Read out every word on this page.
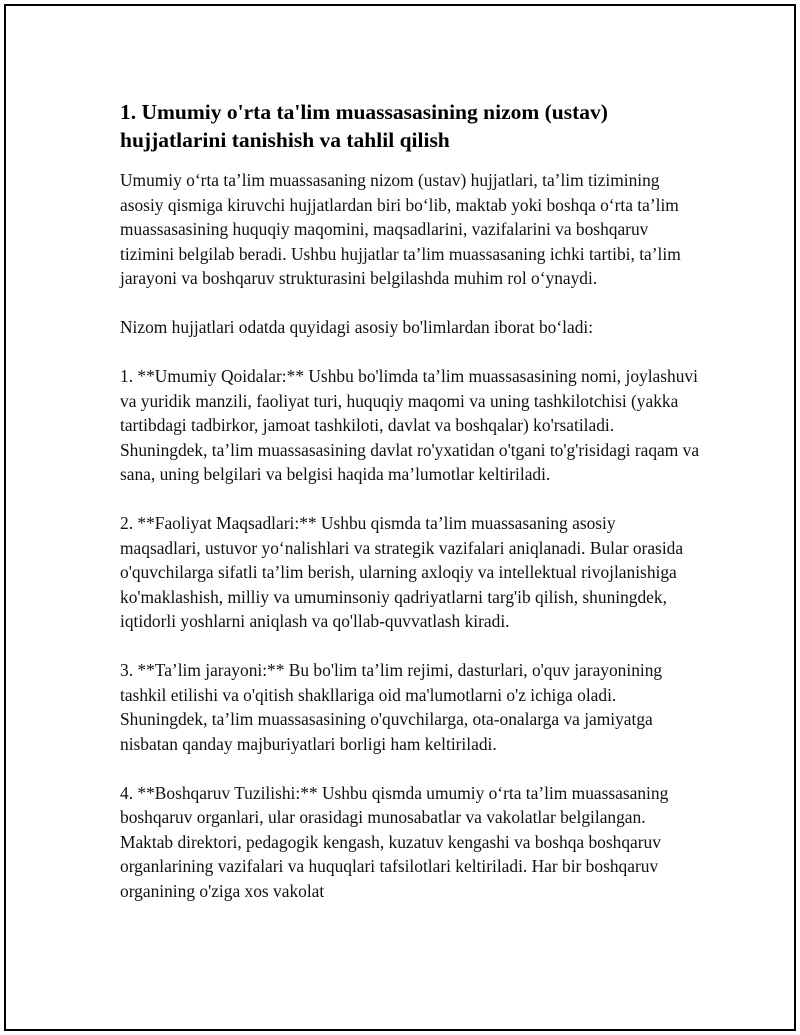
1. Umumiy o'rta ta'lim muassasasining nizom (ustav) hujjatlarini tanishish va tahlil qilish

Umumiy o‘rta ta’lim muassasaning nizom (ustav) hujjatlari, ta’lim tizimining asosiy qismiga kiruvchi hujjatlardan biri bo‘lib, maktab yoki boshqa o‘rta ta’lim muassasasining huquqiy maqomini, maqsadlarini, vazifalarini va boshqaruv tizimini belgilab beradi. Ushbu hujjatlar ta’lim muassasaning ichki tartibi, ta’lim jarayoni va boshqaruv strukturasini belgilashda muhim rol o‘ynaydi.

Nizom hujjatlari odatda quyidagi asosiy bo'limlardan iborat bo‘ladi:

1. **Umumiy Qoidalar:** Ushbu bo'limda ta’lim muassasasining nomi, joylashuvi va yuridik manzili, faoliyat turi, huquqiy maqomi va uning tashkilotchisi (yakka tartibdagi tadbirkor, jamoat tashkiloti, davlat va boshqalar) ko'rsatiladi. Shuningdek, ta’lim muassasasining davlat ro'yxatidan o'tgani to'g'risidagi raqam va sana, uning belgilari va belgisi haqida ma’lumotlar keltiriladi.

2. **Faoliyat Maqsadlari:** Ushbu qismda ta’lim muassasaning asosiy maqsadlari, ustuvor yo‘nalishlari va strategik vazifalari aniqlanadi. Bular orasida o'quvchilarga sifatli ta’lim berish, ularning axloqiy va intellektual rivojlanishiga ko'maklashish, milliy va umuminsoniy qadriyatlarni targ'ib qilish, shuningdek, iqtidorli yoshlarni aniqlash va qo'llab-quvvatlash kiradi.

3. **Ta’lim jarayoni:** Bu bo'lim ta’lim rejimi, dasturlari, o'quv jarayonining tashkil etilishi va o'qitish shakllariga oid ma'lumotlarni o'z ichiga oladi. Shuningdek, ta’lim muassasasining o'quvchilarga, ota-onalarga va jamiyatga nisbatan qanday majburiyatlari borligi ham keltiriladi.

4. **Boshqaruv Tuzilishi:** Ushbu qismda umumiy o‘rta ta’lim muassasaning boshqaruv organlari, ular orasidagi munosabatlar va vakolatlar belgilangan. Maktab direktori, pedagogik kengash, kuzatuv kengashi va boshqa boshqaruv organlarining vazifalari va huquqlari tafsilotlari keltiriladi. Har bir boshqaruv organining o'ziga xos vakolat
